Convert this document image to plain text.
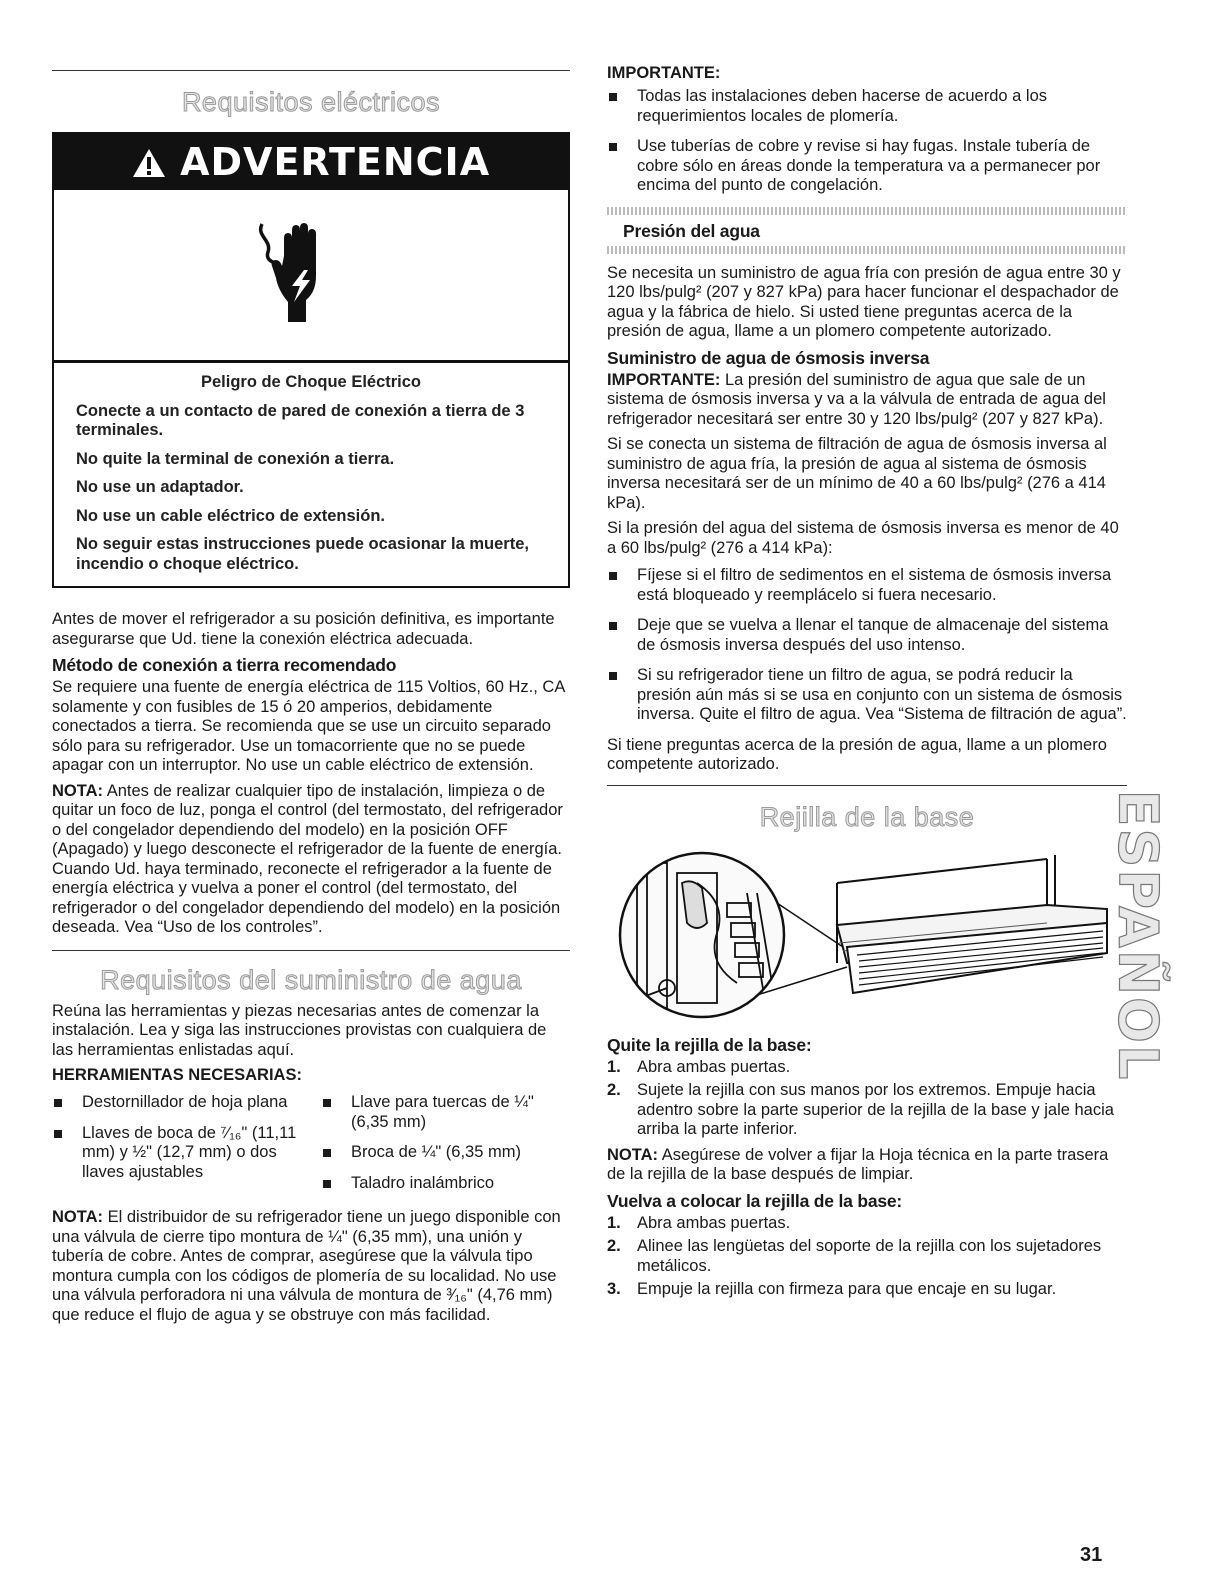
Requisitos eléctricos
ADVERTENCIA

Peligro de Choque Eléctrico

Conecte a un contacto de pared de conexión a tierra de 3 terminales.

No quite la terminal de conexión a tierra.

No use un adaptador.

No use un cable eléctrico de extensión.

No seguir estas instrucciones puede ocasionar la muerte, incendio o choque eléctrico.

Antes de mover el refrigerador a su posición definitiva, es importante asegurarse que Ud. tiene la conexión eléctrica adecuada.

Método de conexión a tierra recomendado

Se requiere una fuente de energía eléctrica de 115 Voltios, 60 Hz., CA solamente y con fusibles de 15 ó 20 amperios, debidamente conectados a tierra. Se recomienda que se use un circuito separado sólo para su refrigerador. Use un tomacorriente que no se puede apagar con un interruptor. No use un cable eléctrico de extensión.

NOTA: Antes de realizar cualquier tipo de instalación, limpieza o de quitar un foco de luz, ponga el control (del termostato, del refrigerador o del congelador dependiendo del modelo) en la posición OFF (Apagado) y luego desconecte el refrigerador de la fuente de energía. Cuando Ud. haya terminado, reconecte el refrigerador a la fuente de energía eléctrica y vuelva a poner el control (del termostato, del refrigerador o del congelador dependiendo del modelo) en la posición deseada. Vea “Uso de los controles”.

Requisitos del suministro de agua

Reúna las herramientas y piezas necesarias antes de comenzar la instalación. Lea y siga las instrucciones provistas con cualquiera de las herramientas enlistadas aquí.

HERRAMIENTAS NECESARIAS:
Destornillador de hoja plana
Llaves de boca de ⁷⁄₁₆" (11,11 mm) y ½" (12,7 mm) o dos llaves ajustables
Llave para tuercas de ¼" (6,35 mm)
Broca de ¼" (6,35 mm)
Taladro inalámbrico

NOTA: El distribuidor de su refrigerador tiene un juego disponible con una válvula de cierre tipo montura de ¼" (6,35 mm), una unión y tubería de cobre. Antes de comprar, asegúrese que la válvula tipo montura cumpla con los códigos de plomería de su localidad. No use una válvula perforadora ni una válvula de montura de ³⁄₁₆" (4,76 mm) que reduce el flujo de agua y se obstruye con más facilidad.

IMPORTANTE:
Todas las instalaciones deben hacerse de acuerdo a los requerimientos locales de plomería.
Use tuberías de cobre y revise si hay fugas. Instale tubería de cobre sólo en áreas donde la temperatura va a permanecer por encima del punto de congelación.
Presión del agua

Se necesita un suministro de agua fría con presión de agua entre 30 y 120 lbs/pulg² (207 y 827 kPa) para hacer funcionar el despachador de agua y la fábrica de hielo. Si usted tiene preguntas acerca de la presión de agua, llame a un plomero competente autorizado.

Suministro de agua de ósmosis inversa

IMPORTANTE: La presión del suministro de agua que sale de un sistema de ósmosis inversa y va a la válvula de entrada de agua del refrigerador necesitará ser entre 30 y 120 lbs/pulg² (207 y 827 kPa).

Si se conecta un sistema de filtración de agua de ósmosis inversa al suministro de agua fría, la presión de agua al sistema de ósmosis inversa necesitará ser de un mínimo de 40 a 60 lbs/pulg² (276 a 414 kPa).

Si la presión del agua del sistema de ósmosis inversa es menor de 40 a 60 lbs/pulg² (276 a 414 kPa):

Fíjese si el filtro de sedimentos en el sistema de ósmosis inversa está bloqueado y reemplácelo si fuera necesario.
Deje que se vuelva a llenar el tanque de almacenaje del sistema de ósmosis inversa después del uso intenso.
Si su refrigerador tiene un filtro de agua, se podrá reducir la presión aún más si se usa en conjunto con un sistema de ósmosis inversa. Quite el filtro de agua. Vea “Sistema de filtración de agua”.

Si tiene preguntas acerca de la presión de agua, llame a un plomero competente autorizado.

Rejilla de la base
Quite la rejilla de la base:
1. Abra ambas puertas.
2. Sujete la rejilla con sus manos por los extremos. Empuje hacia adentro sobre la parte superior de la rejilla de la base y jale hacia arriba la parte inferior.

NOTA: Asegúrese de volver a fijar la Hoja técnica en la parte trasera de la rejilla de la base después de limpiar.

Vuelva a colocar la rejilla de la base:
1. Abra ambas puertas.
2. Alinee las lengüetas del soporte de la rejilla con los sujetadores metálicos.
3. Empuje la rejilla con firmeza para que encaje en su lugar.
ESPAÑOL
31
